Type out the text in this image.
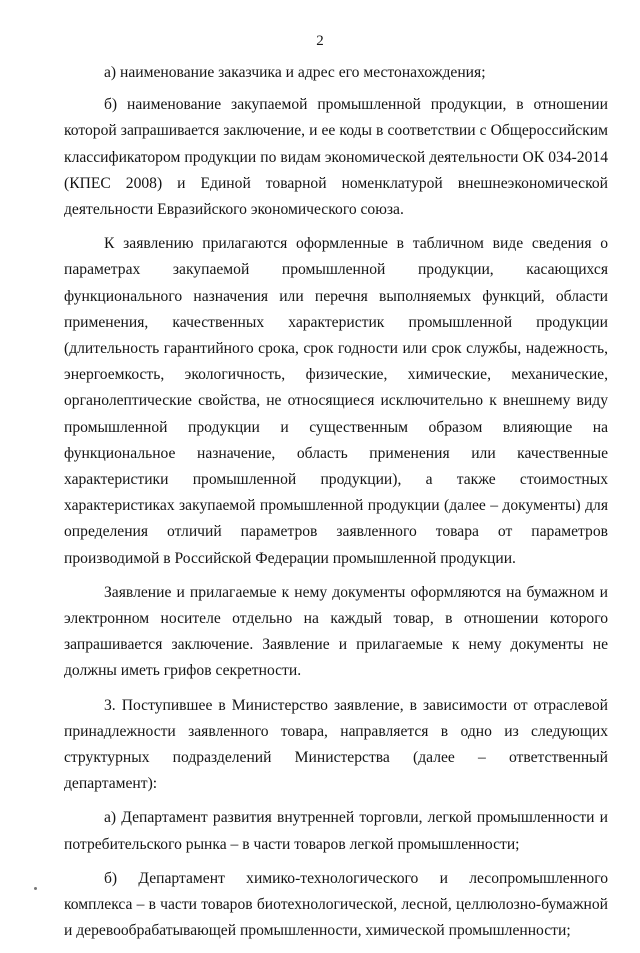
2

а) наименование заказчика и адрес его местонахождения;

б) наименование закупаемой промышленной продукции, в отношении которой запрашивается заключение, и ее коды в соответствии с Общероссийским классификатором продукции по видам экономической деятельности ОК 034-2014 (КПЕС 2008) и Единой товарной номенклатурой внешнеэкономической деятельности Евразийского экономического союза.

К заявлению прилагаются оформленные в табличном виде сведения о параметрах закупаемой промышленной продукции, касающихся функционального назначения или перечня выполняемых функций, области применения, качественных характеристик промышленной продукции (длительность гарантийного срока, срок годности или срок службы, надежность, энергоемкость, экологичность, физические, химические, механические, органолептические свойства, не относящиеся исключительно к внешнему виду промышленной продукции и существенным образом влияющие на функциональное назначение, область применения или качественные характеристики промышленной продукции), а также стоимостных характеристиках закупаемой промышленной продукции (далее – документы) для определения отличий параметров заявленного товара от параметров производимой в Российской Федерации промышленной продукции.

Заявление и прилагаемые к нему документы оформляются на бумажном и электронном носителе отдельно на каждый товар, в отношении которого запрашивается заключение. Заявление и прилагаемые к нему документы не должны иметь грифов секретности.

3. Поступившее в Министерство заявление, в зависимости от отраслевой принадлежности заявленного товара, направляется в одно из следующих структурных подразделений Министерства (далее – ответственный департамент):

а) Департамент развития внутренней торговли, легкой промышленности и потребительского рынка – в части товаров легкой промышленности;

б) Департамент химико-технологического и лесопромышленного комплекса – в части товаров биотехнологической, лесной, целлюлозно-бумажной и деревообрабатывающей промышленности, химической промышленности;
